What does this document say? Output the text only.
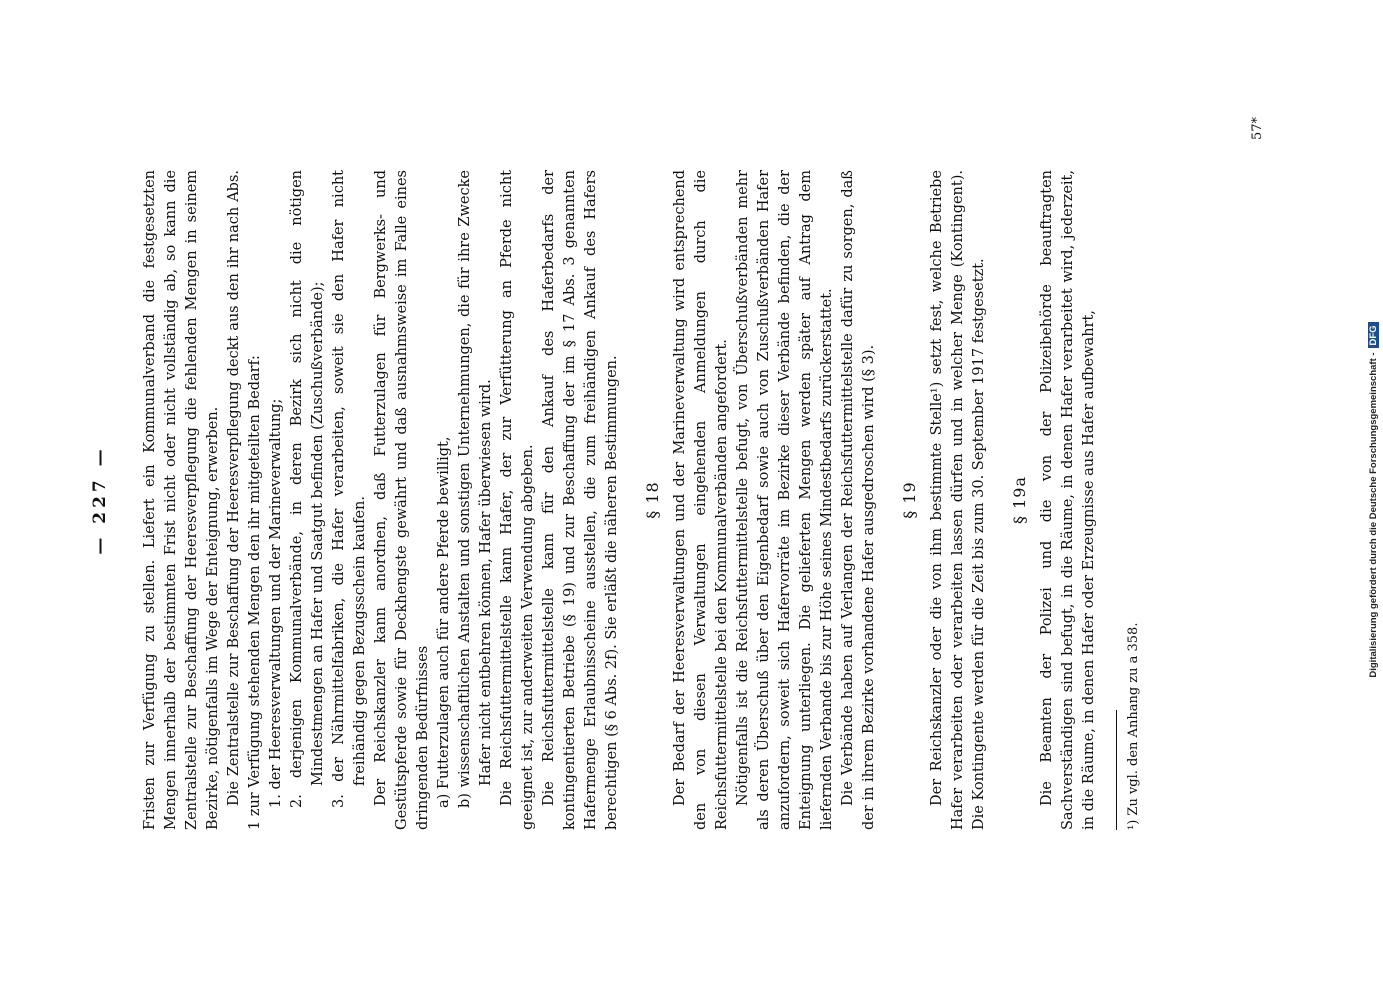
— 227 — Fristen zur Verfügung zu stellen. Liefert ein Kommunalverband die festgesetzten Mengen innerhalb der bestimmten Frist nicht oder nicht vollständig ab, so kann die Zentralstelle zur Beschaffung der Heeresverpflegung die fehlenden Mengen in seinem Bezirke, nötigenfalls im Wege der Enteignung, erwerben. Die Zentralstelle zur Beschaffung der Heeresverpflegung deckt aus den ihr nach Abs. 1 zur Verfügung stehenden Mengen den ihr mitgeteilten Bedarf: 1. der Heeresverwaltungen und der Marineverwaltung; 2. derjenigen Kommunalverbände, in deren Bezirk sich nicht die nötigen Mindestmengen an Hafer und Saatgut befinden (Zuschußverbände); 3. der Nährmittelfabriken, die Hafer verarbeiten, soweit sie den Hafer nicht freihändig gegen Bezugsschein kaufen. Der Reichskanzler kann anordnen, daß Futterzulagen für Bergwerks- und Gestütspferde sowie für Deckhengste gewährt und daß ausnahmsweise im Falle eines dringenden Bedürfnisses a) Futterzulagen auch für andere Pferde bewilligt, b) wissenschaftlichen Anstalten und sonstigen Unternehmungen, die für ihre Zwecke Hafer nicht entbehren können, Hafer überwiesen wird. Die Reichsfuttermittelstelle kann Hafer, der zur Verfütterung an Pferde nicht geeignet ist, zur anderweiten Verwendung abgeben. Die Reichsfuttermittelstelle kann für den Ankauf des Haferbedarfs der kontingentierten Betriebe (§ 19) und zur Beschaffung der im § 17 Abs. 3 genannten Hafermenge Erlaubnisscheine ausstellen, die zum freihändigen Ankauf des Hafers berechtigen (§ 6 Abs. 2f). Sie erläßt die näheren Bestimmungen. § 18 Der Bedarf der Heeresverwaltungen und der Marineverwaltung wird entsprechend den von diesen Verwaltungen eingehenden Anmeldungen durch die Reichsfuttermittelstelle bei den Kommunalverbänden angefordert. Nötigenfalls ist die Reichsfuttermittelstelle befugt, von Überschußverbänden mehr als deren Überschuß über den Eigenbedarf sowie auch von Zuschußverbänden Hafer anzufordern, soweit sich Hafervorräte im Bezirke dieser Verbände befinden, die der Enteignung unterliegen. Die gelieferten Mengen werden später auf Antrag dem liefernden Verbande bis zur Höhe seines Mindestbedarfs zurückerstattet. Die Verbände haben auf Verlangen der Reichsfuttermittelstelle dafür zu sorgen, daß der in ihrem Bezirke vorhandene Hafer ausgedroschen wird (§ 3). § 19 Der Reichskanzler oder die von ihm bestimmte Stelle¹) setzt fest, welche Betriebe Hafer verarbeiten oder verarbeiten lassen dürfen und in welcher Menge (Kontingent). Die Kontingente werden für die Zeit bis zum 30. September 1917 festgesetzt. § 19a Die Beamten der Polizei und die von der Polizeibehörde beauftragten Sachverständigen sind befugt, in die Räume, in denen Hafer verarbeitet wird, jederzeit, in die Räume, in denen Hafer oder Erzeugnisse aus Hafer aufbewahrt, ¹) Zu vgl. den Anhang zu a 358.

57*
Digitalisierung gefördert durch die Deutsche Forschungsgemeinschaft -DFG
